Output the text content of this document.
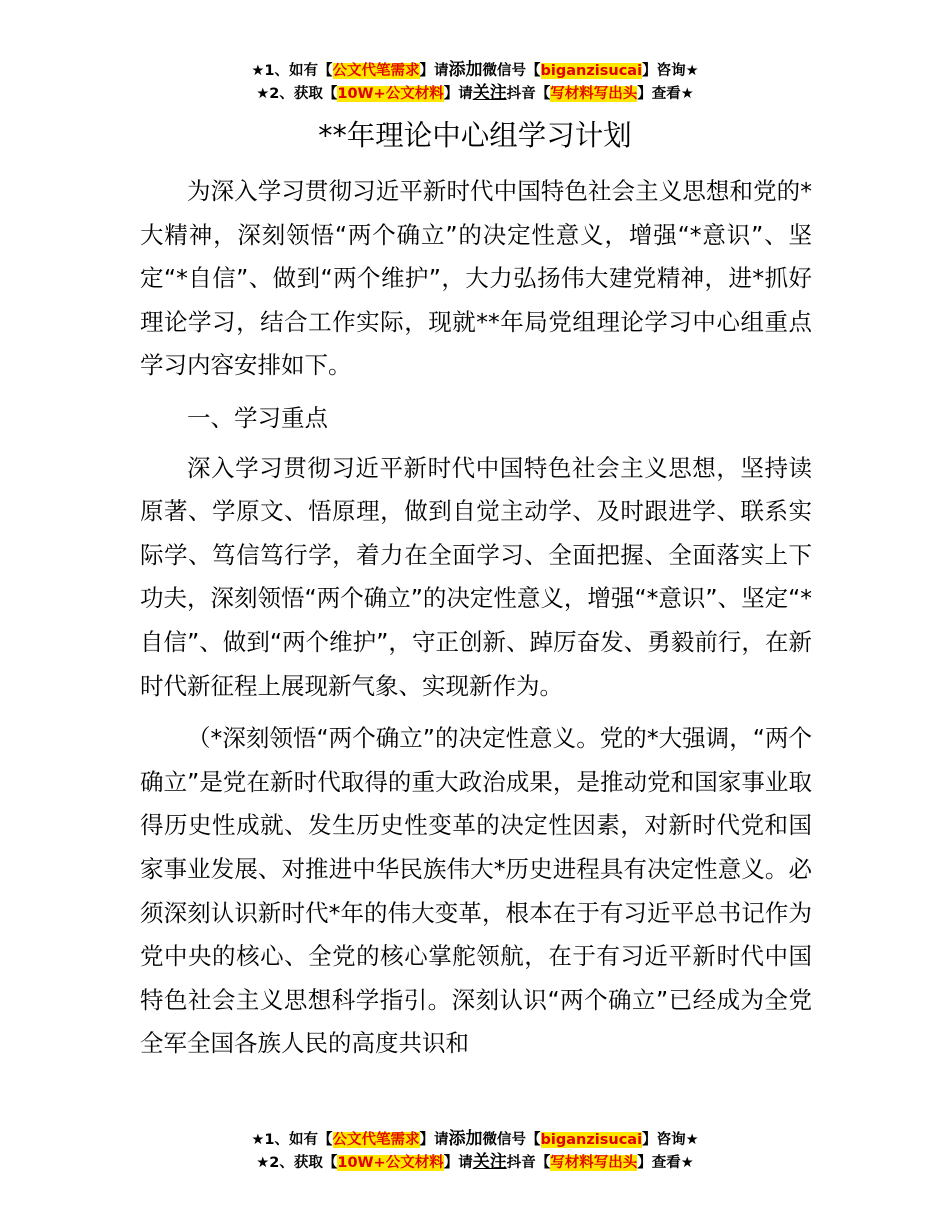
★1、如有【公文代笔需求】请添加微信号【biganzisucai】咨询★
★2、获取【10W+公文材料】请关注抖音【写材料写出头】查看★
**年理论中心组学习计划

为深入学习贯彻习近平新时代中国特色社会主义思想和党的*大精神，深刻领悟“两个确立”的决定性意义，增强“*意识”、坚定“*自信”、做到“两个维护”，大力弘扬伟大建党精神，进*抓好理论学习，结合工作实际，现就**年局党组理论学习中心组重点学习内容安排如下。

一、学习重点

深入学习贯彻习近平新时代中国特色社会主义思想，坚持读原著、学原文、悟原理，做到自觉主动学、及时跟进学、联系实际学、笃信笃行学，着力在全面学习、全面把握、全面落实上下功夫，深刻领悟“两个确立”的决定性意义，增强“*意识”、坚定“*自信”、做到“两个维护”，守正创新、踔厉奋发、勇毅前行，在新时代新征程上展现新气象、实现新作为。

（*深刻领悟“两个确立”的决定性意义。党的*大强调，“两个确立”是党在新时代取得的重大政治成果，是推动党和国家事业取得历史性成就、发生历史性变革的决定性因素，对新时代党和国家事业发展、对推进中华民族伟大*历史进程具有决定性意义。必须深刻认识新时代*年的伟大变革，根本在于有习近平总书记作为党中央的核心、全党的核心掌舵领航，在于有习近平新时代中国特色社会主义思想科学指引。深刻认识“两个确立”已经成为全党全军全国各族人民的高度共识和

★1、如有【公文代笔需求】请添加微信号【biganzisucai】咨询★
★2、获取【10W+公文材料】请关注抖音【写材料写出头】查看★
